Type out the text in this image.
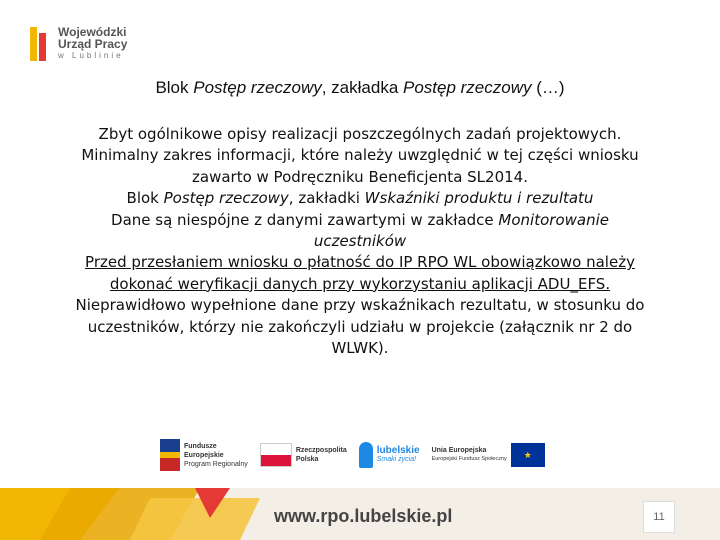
Wojewódzki
Urząd Pracy
w Lublinie
Blok Postęp rzeczowy, zakładka Postęp rzeczowy (…)

Zbyt ogólnikowe opisy realizacji poszczególnych zadań projektowych. Minimalny zakres informacji, które należy uwzględnić w tej części wniosku zawarto w Podręczniku Beneficjenta SL2014.

Blok Postęp rzeczowy, zakładki Wskaźniki produktu i rezultatu

Dane są niespójne z danymi zawartymi w zakładce Monitorowanie uczestników

Przed przesłaniem wniosku o płatność do IP RPO WL obowiązkowo należy dokonać weryfikacji danych przy wykorzystaniu aplikacji ADU_EFS.

Nieprawidłowo wypełnione dane przy wskaźnikach rezultatu, w stosunku do uczestników, którzy nie zakończyli udziału w projekcie (załącznik nr 2 do WLWK).

Fundusze
Europejskie
Program Regionalny
Rzeczpospolita
Polska
lubelskie
Smaki życia!
Unia Europejska
Europejski Fundusz Społeczny	★
www.rpo.lubelskie.pl	11
